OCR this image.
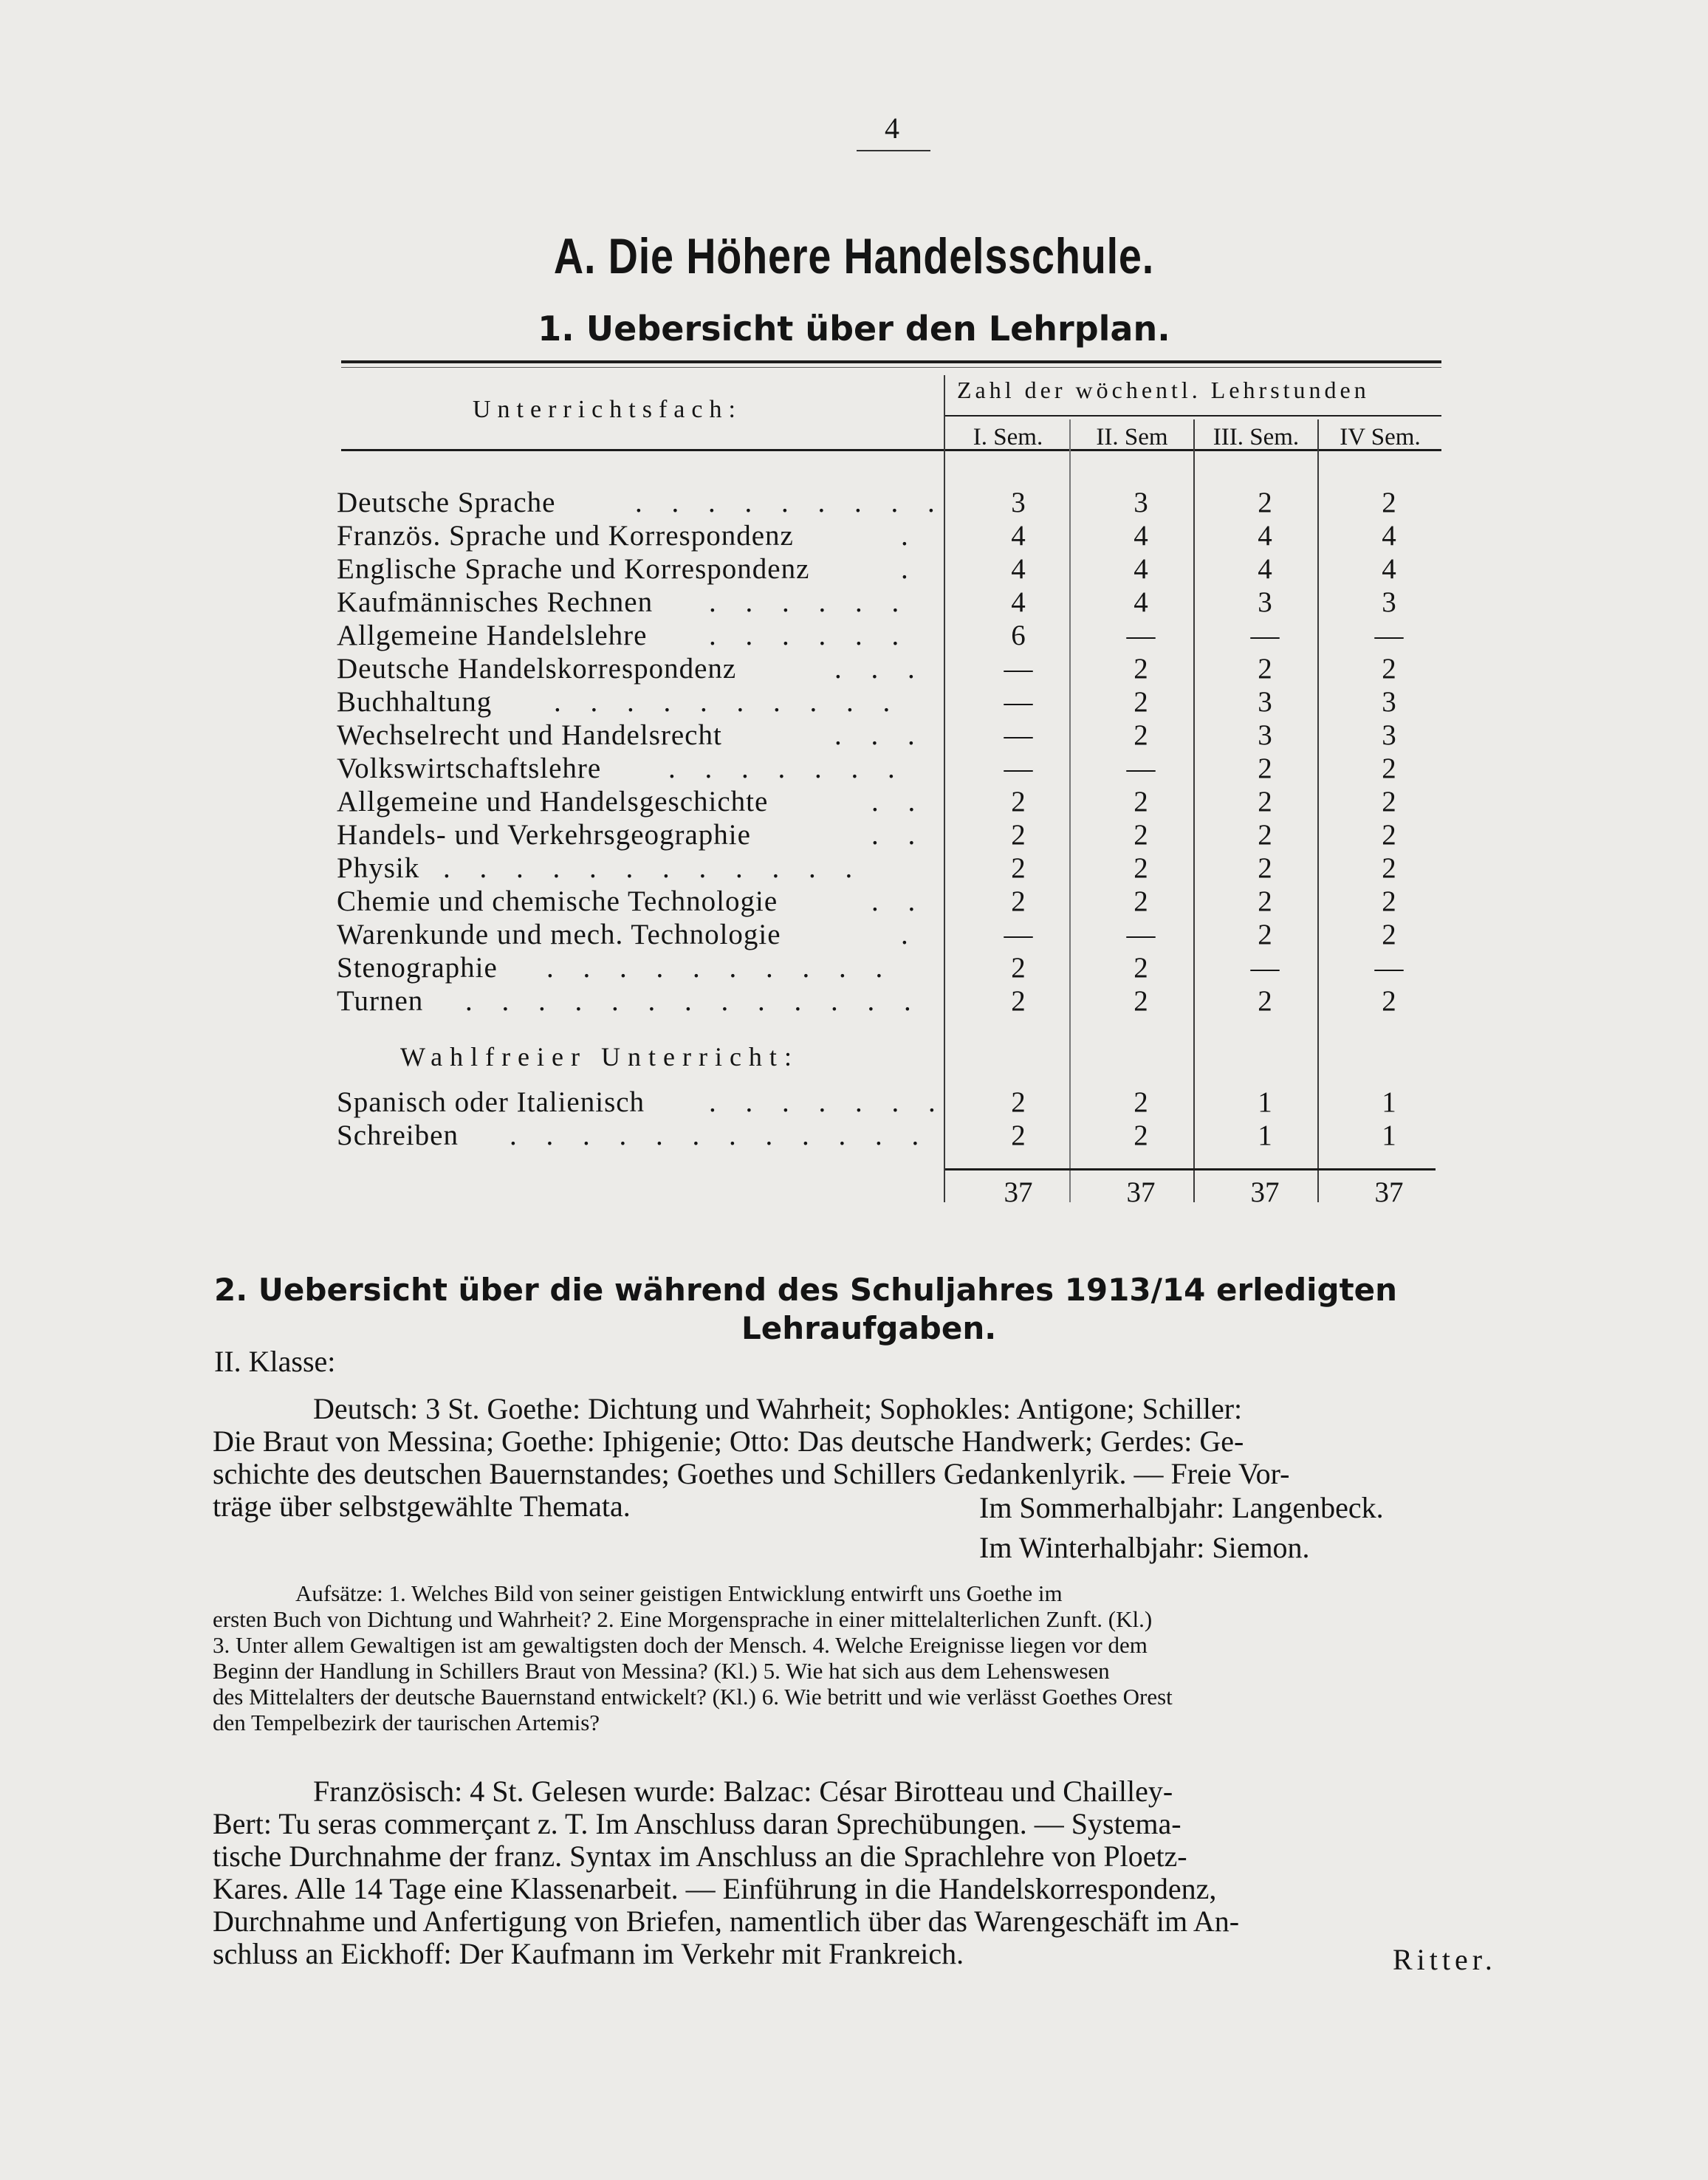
4
A. Die Höhere Handelsschule.
1. Uebersicht über den Lehrplan.
Unterrichtsfach:
Zahl der wöchentl. Lehrstunden
I. Sem.	II. Sem	III. Sem.	IV Sem.
Deutsche Sprache	. . . . . . . . .	3	3	2	2
Französ. Sprache und Korrespondenz	.	4	4	4	4
Englische Sprache und Korrespondenz	.	4	4	4	4
Kaufmännisches Rechnen . . . . . .	4	4	3	3
Allgemeine Handelslehre . . . . . .	6	—	—	—
Deutsche Handelskorrespondenz	. . .	—	2	2	2
Buchhaltung . . . . . . . . . .	—	2	3	3
Wechselrecht und Handelsrecht	. . .	—	2	3	3
Volkswirtschaftslehre . . . . . . .	—	—	2	2
Allgemeine und Handelsgeschichte	. .	2	2	2	2
Handels- und Verkehrsgeographie	. .	2	2	2	2
Physik . . . . . . . . . . . .	2	2	2	2
Chemie und chemische Technologie	. .	2	2	2	2
Warenkunde und mech. Technologie	.	—	—	2	2
Stenographie . . . . . . . . . .	2	2	—	—
Turnen . . . . . . . . . . . . .	2	2	2	2
Wahlfreier Unterricht:
Spanisch oder Italienisch . . . . . . .	2	2	1	1
Schreiben . . . . . . . . . . . .	2	2	1	1
37	37	37	37
2. Uebersicht über die während des Schuljahres 1913/14 erledigten
Lehraufgaben.
II. Klasse:
Deutsch: 3 St. Goethe: Dichtung und Wahrheit; Sophokles: Antigone; Schiller:
Die Braut von Messina; Goethe: Iphigenie; Otto: Das deutsche Handwerk; Gerdes: Ge-
schichte des deutschen Bauernstandes; Goethes und Schillers Gedankenlyrik. — Freie Vor-
träge über selbstgewählte Themata.	Im Sommerhalbjahr: Langenbeck.
Im Winterhalbjahr: Siemon.
Aufsätze: 1. Welches Bild von seiner geistigen Entwicklung entwirft uns Goethe im
ersten Buch von Dichtung und Wahrheit? 2. Eine Morgensprache in einer mittelalterlichen Zunft. (Kl.)
3. Unter allem Gewaltigen ist am gewaltigsten doch der Mensch. 4. Welche Ereignisse liegen vor dem
Beginn der Handlung in Schillers Braut von Messina? (Kl.) 5. Wie hat sich aus dem Lehenswesen
des Mittelalters der deutsche Bauernstand entwickelt? (Kl.) 6. Wie betritt und wie verlässt Goethes Orest
den Tempelbezirk der taurischen Artemis?
Französisch: 4 St. Gelesen wurde: Balzac: César Birotteau und Chailley-
Bert: Tu seras commerçant z. T. Im Anschluss daran Sprechübungen. — Systema-
tische Durchnahme der franz. Syntax im Anschluss an die Sprachlehre von Ploetz-
Kares. Alle 14 Tage eine Klassenarbeit. — Einführung in die Handelskorrespondenz,
Durchnahme und Anfertigung von Briefen, namentlich über das Warengeschäft im An-
schluss an Eickhoff: Der Kaufmann im Verkehr mit Frankreich.	Ritter.
